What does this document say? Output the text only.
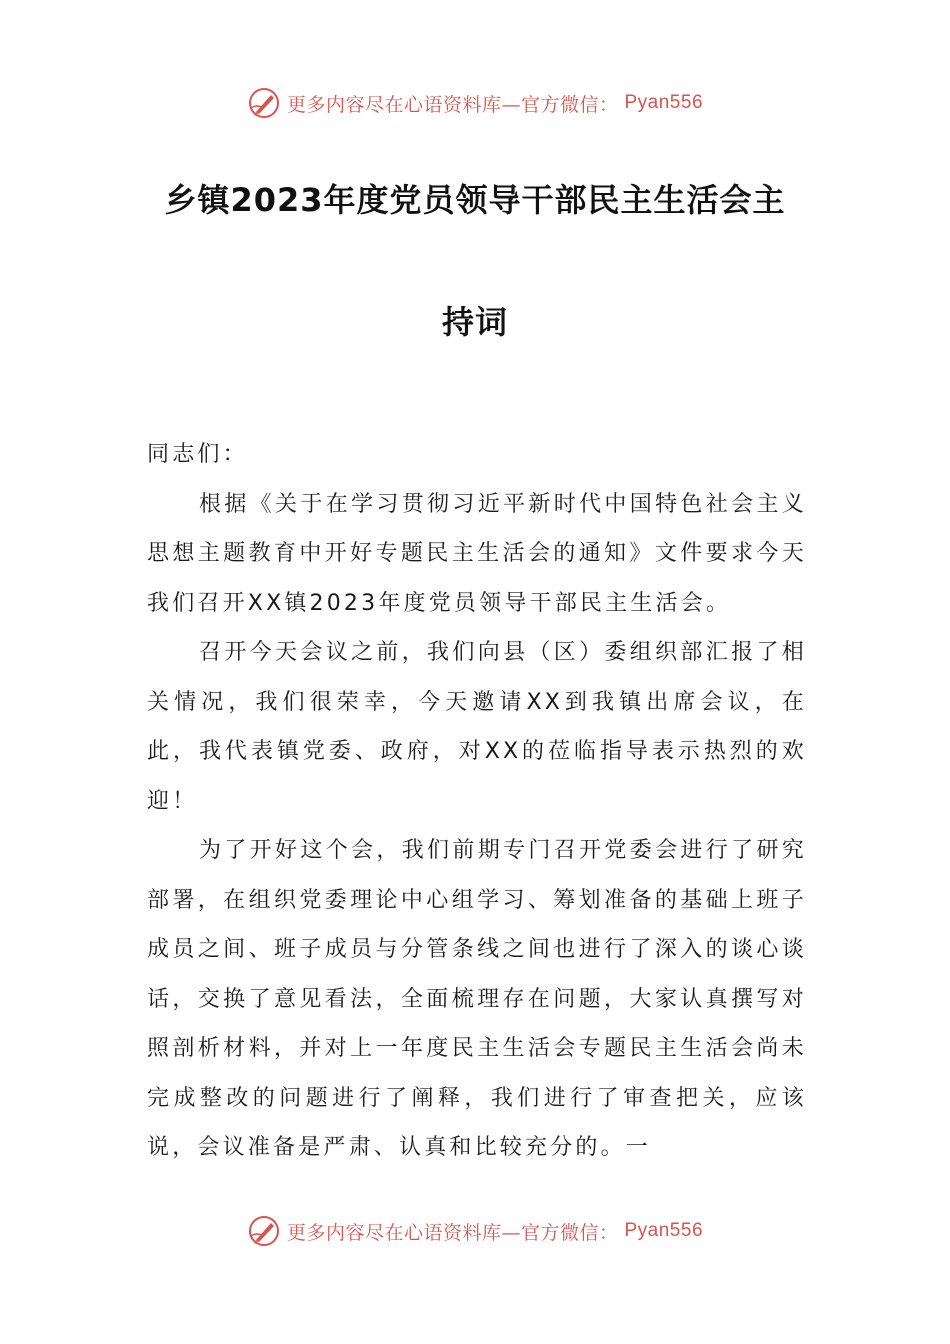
更多内容尽在心语资料库—官方微信： Pyan556
乡镇2023年度党员领导干部民主生活会主
持词

同志们：

根据《关于在学习贯彻习近平新时代中国特色社会主义思想主题教育中开好专题民主生活会的通知》文件要求今天我们召开XX镇2023年度党员领导干部民主生活会。

召开今天会议之前，我们向县（区）委组织部汇报了相关情况，我们很荣幸，今天邀请XX到我镇出席会议，在此，我代表镇党委、政府，对XX的莅临指导表示热烈的欢迎！

为了开好这个会，我们前期专门召开党委会进行了研究部署，在组织党委理论中心组学习、筹划准备的基础上班子成员之间、班子成员与分管条线之间也进行了深入的谈心谈话，交换了意见看法，全面梳理存在问题，大家认真撰写对照剖析材料，并对上一年度民主生活会专题民主生活会尚未完成整改的问题进行了阐释，我们进行了审查把关，应该说，会议准备是严肃、认真和比较充分的。一

更多内容尽在心语资料库—官方微信： Pyan556
